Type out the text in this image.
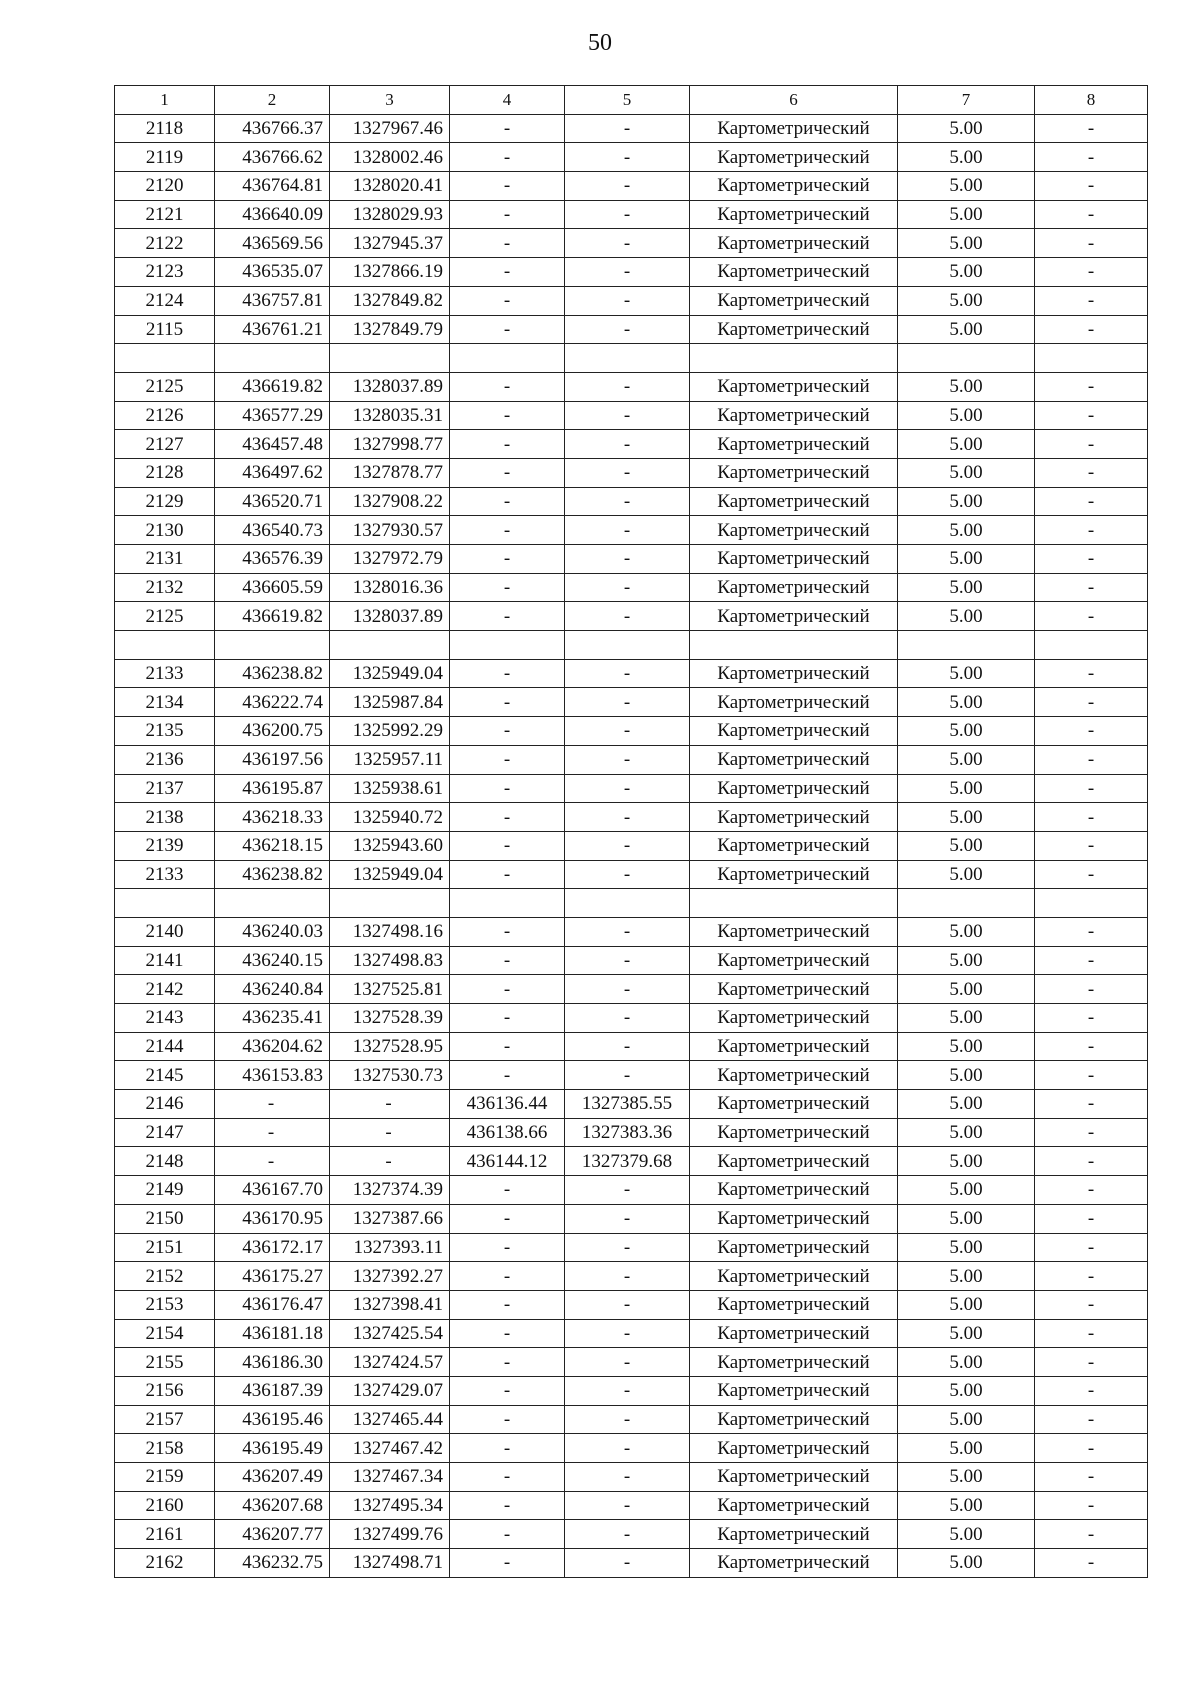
50
1	2	3	4	5	6	7	8
2118	436766.37	1327967.46	-	-	Картометрический	5.00	-
2119	436766.62	1328002.46	-	-	Картометрический	5.00	-
2120	436764.81	1328020.41	-	-	Картометрический	5.00	-
2121	436640.09	1328029.93	-	-	Картометрический	5.00	-
2122	436569.56	1327945.37	-	-	Картометрический	5.00	-
2123	436535.07	1327866.19	-	-	Картометрический	5.00	-
2124	436757.81	1327849.82	-	-	Картометрический	5.00	-
2115	436761.21	1327849.79	-	-	Картометрический	5.00	-

2125	436619.82	1328037.89	-	-	Картометрический	5.00	-
2126	436577.29	1328035.31	-	-	Картометрический	5.00	-
2127	436457.48	1327998.77	-	-	Картометрический	5.00	-
2128	436497.62	1327878.77	-	-	Картометрический	5.00	-
2129	436520.71	1327908.22	-	-	Картометрический	5.00	-
2130	436540.73	1327930.57	-	-	Картометрический	5.00	-
2131	436576.39	1327972.79	-	-	Картометрический	5.00	-
2132	436605.59	1328016.36	-	-	Картометрический	5.00	-
2125	436619.82	1328037.89	-	-	Картометрический	5.00	-

2133	436238.82	1325949.04	-	-	Картометрический	5.00	-
2134	436222.74	1325987.84	-	-	Картометрический	5.00	-
2135	436200.75	1325992.29	-	-	Картометрический	5.00	-
2136	436197.56	1325957.11	-	-	Картометрический	5.00	-
2137	436195.87	1325938.61	-	-	Картометрический	5.00	-
2138	436218.33	1325940.72	-	-	Картометрический	5.00	-
2139	436218.15	1325943.60	-	-	Картометрический	5.00	-
2133	436238.82	1325949.04	-	-	Картометрический	5.00	-

2140	436240.03	1327498.16	-	-	Картометрический	5.00	-
2141	436240.15	1327498.83	-	-	Картометрический	5.00	-
2142	436240.84	1327525.81	-	-	Картометрический	5.00	-
2143	436235.41	1327528.39	-	-	Картометрический	5.00	-
2144	436204.62	1327528.95	-	-	Картометрический	5.00	-
2145	436153.83	1327530.73	-	-	Картометрический	5.00	-
2146	-	-	436136.44	1327385.55	Картометрический	5.00	-
2147	-	-	436138.66	1327383.36	Картометрический	5.00	-
2148	-	-	436144.12	1327379.68	Картометрический	5.00	-
2149	436167.70	1327374.39	-	-	Картометрический	5.00	-
2150	436170.95	1327387.66	-	-	Картометрический	5.00	-
2151	436172.17	1327393.11	-	-	Картометрический	5.00	-
2152	436175.27	1327392.27	-	-	Картометрический	5.00	-
2153	436176.47	1327398.41	-	-	Картометрический	5.00	-
2154	436181.18	1327425.54	-	-	Картометрический	5.00	-
2155	436186.30	1327424.57	-	-	Картометрический	5.00	-
2156	436187.39	1327429.07	-	-	Картометрический	5.00	-
2157	436195.46	1327465.44	-	-	Картометрический	5.00	-
2158	436195.49	1327467.42	-	-	Картометрический	5.00	-
2159	436207.49	1327467.34	-	-	Картометрический	5.00	-
2160	436207.68	1327495.34	-	-	Картометрический	5.00	-
2161	436207.77	1327499.76	-	-	Картометрический	5.00	-
2162	436232.75	1327498.71	-	-	Картометрический	5.00	-
